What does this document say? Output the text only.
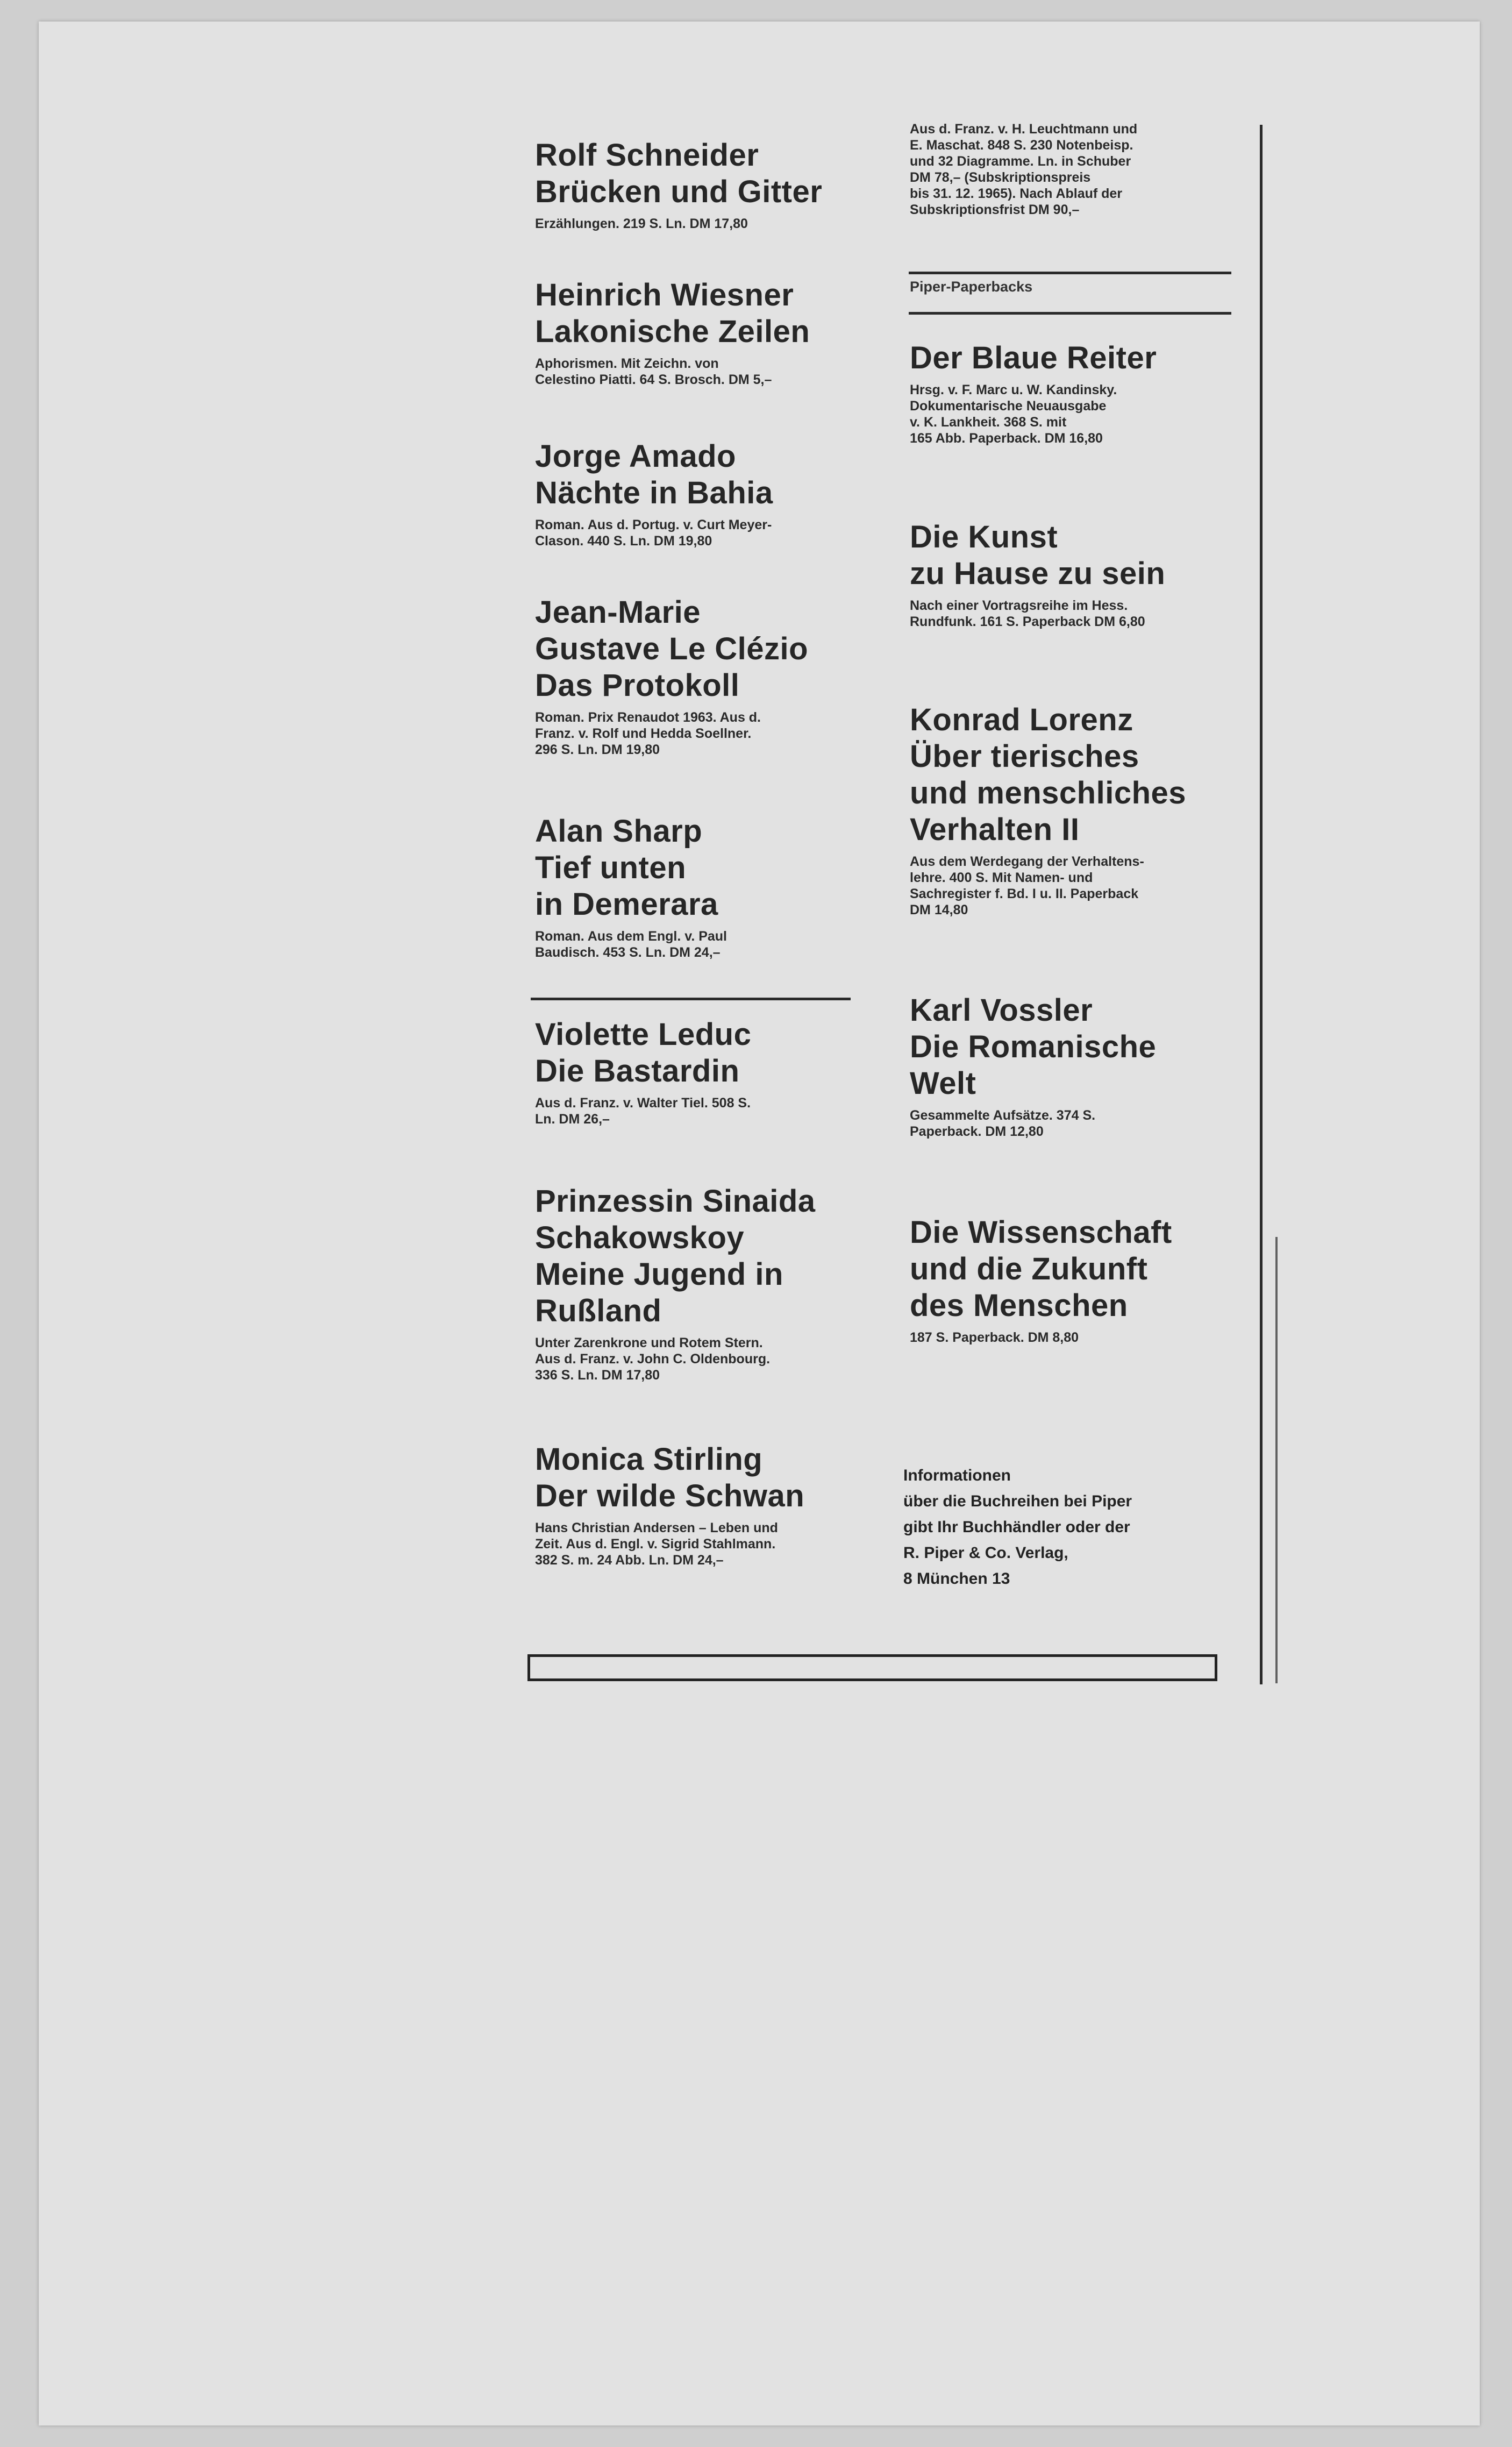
Rolf Schneider
Brücken und Gitter
Erzählungen. 219 S. Ln. DM 17,80
Heinrich Wiesner
Lakonische Zeilen
Aphorismen. Mit Zeichn. von
Celestino Piatti. 64 S. Brosch. DM 5,–
Jorge Amado
Nächte in Bahia
Roman. Aus d. Portug. v. Curt Meyer-
Clason. 440 S. Ln. DM 19,80
Jean-Marie
Gustave Le Clézio
Das Protokoll
Roman. Prix Renaudot 1963. Aus d.
Franz. v. Rolf und Hedda Soellner.
296 S. Ln. DM 19,80
Alan Sharp
Tief unten
in Demerara
Roman. Aus dem Engl. v. Paul
Baudisch. 453 S. Ln. DM 24,–
Violette Leduc
Die Bastardin
Aus d. Franz. v. Walter Tiel. 508 S.
Ln. DM 26,–
Prinzessin Sinaida
Schakowskoy
Meine Jugend in
Rußland
Unter Zarenkrone und Rotem Stern.
Aus d. Franz. v. John C. Oldenbourg.
336 S. Ln. DM 17,80
Monica Stirling
Der wilde Schwan
Hans Christian Andersen – Leben und
Zeit. Aus d. Engl. v. Sigrid Stahlmann.
382 S. m. 24 Abb. Ln. DM 24,–
Aus d. Franz. v. H. Leuchtmann und
E. Maschat. 848 S. 230 Notenbeisp.
und 32 Diagramme. Ln. in Schuber
DM 78,– (Subskriptionspreis
bis 31. 12. 1965). Nach Ablauf der
Subskriptionsfrist DM 90,–
Piper-Paperbacks
Der Blaue Reiter
Hrsg. v. F. Marc u. W. Kandinsky.
Dokumentarische Neuausgabe
v. K. Lankheit. 368 S. mit
165 Abb. Paperback. DM 16,80
Die Kunst
zu Hause zu sein
Nach einer Vortragsreihe im Hess.
Rundfunk. 161 S. Paperback DM 6,80
Konrad Lorenz
Über tierisches
und menschliches
Verhalten II
Aus dem Werdegang der Verhaltens-
lehre. 400 S. Mit Namen- und
Sachregister f. Bd. I u. II. Paperback
DM 14,80
Karl Vossler
Die Romanische
Welt
Gesammelte Aufsätze. 374 S.
Paperback. DM 12,80
Die Wissenschaft
und die Zukunft
des Menschen
187 S. Paperback. DM 8,80
Informationen
über die Buchreihen bei Piper
gibt Ihr Buchhändler oder der
R. Piper & Co. Verlag,
8 München 13
